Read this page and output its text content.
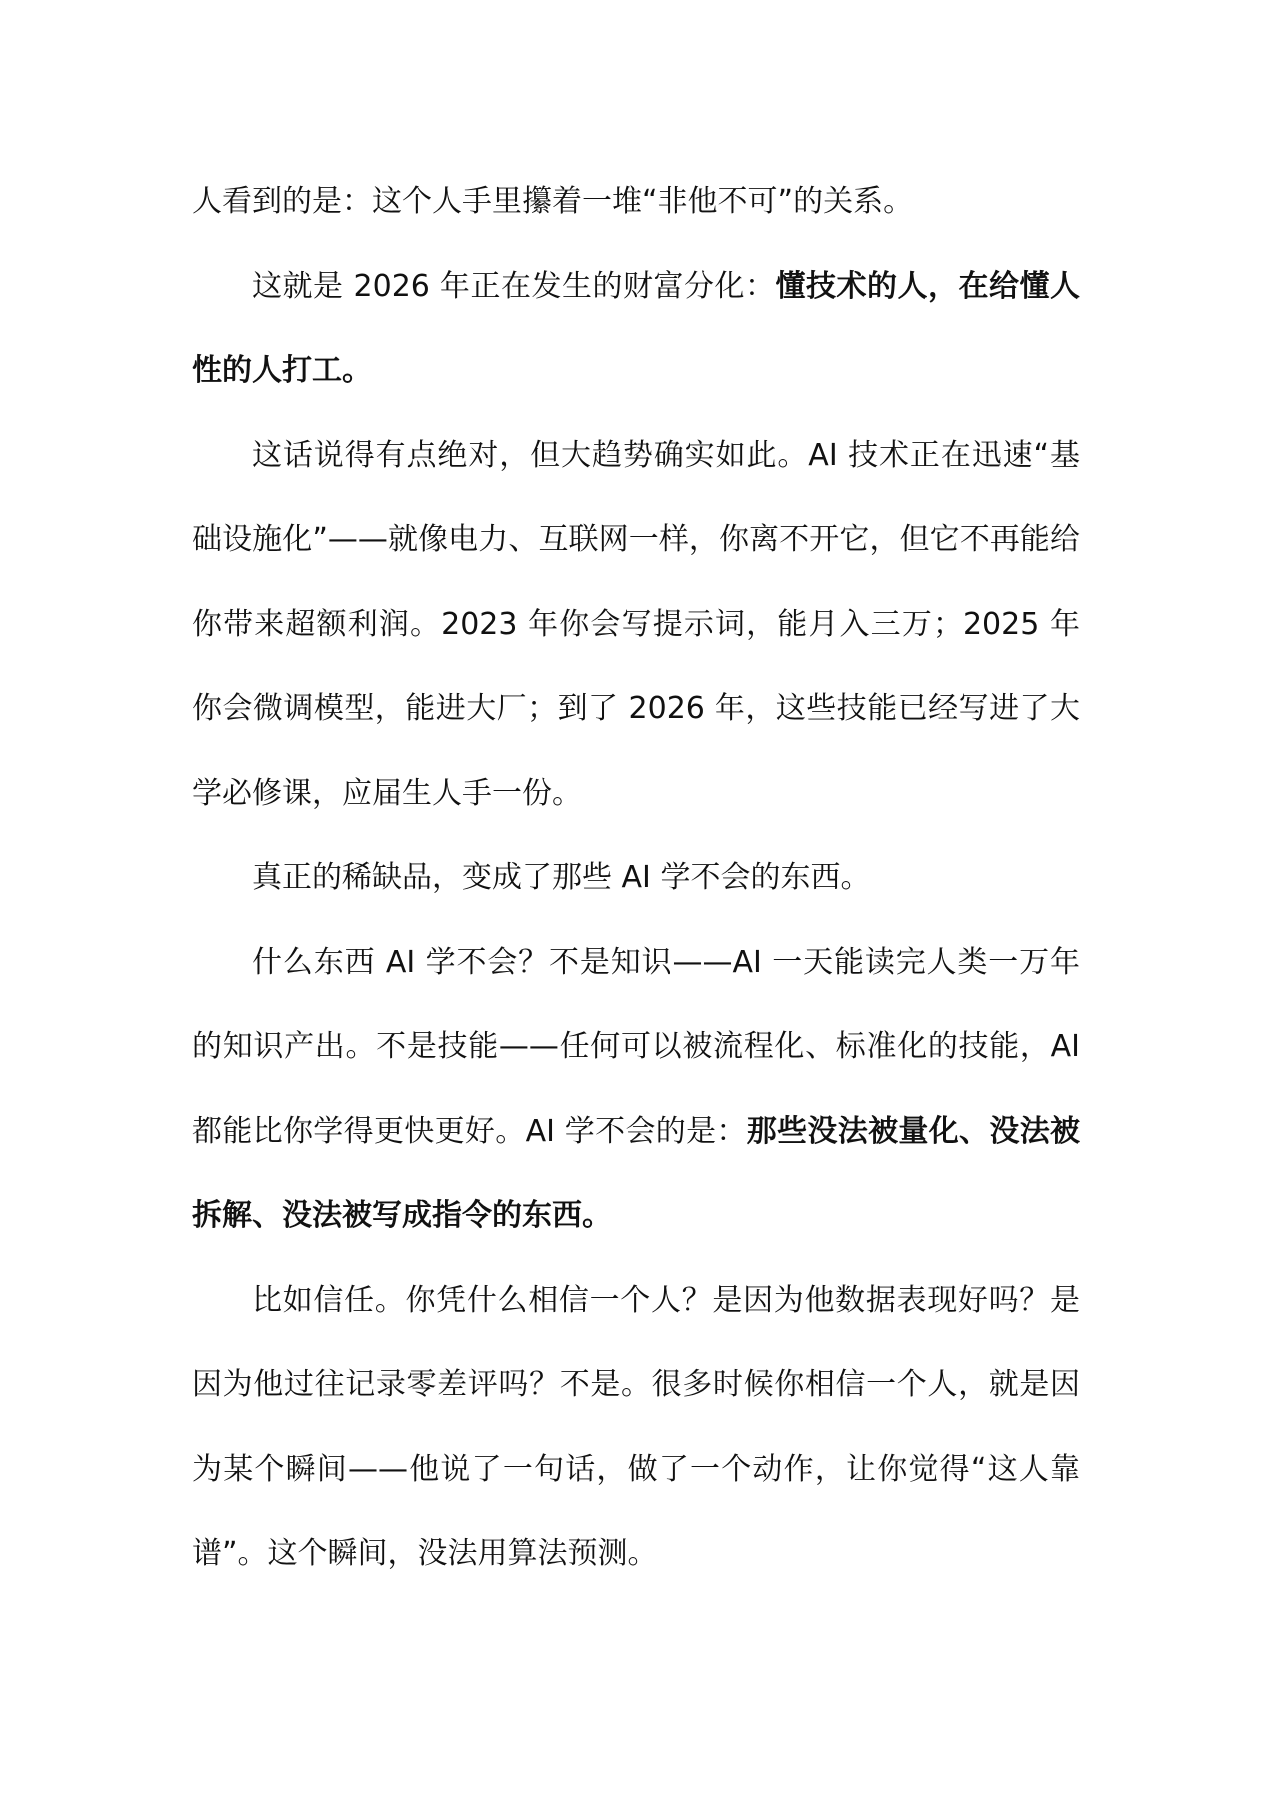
人看到的是：这个人手里攥着一堆“非他不可”的关系。

这就是 2026 年正在发生的财富分化：懂技术的人，在给懂人性的人打工。

这话说得有点绝对，但大趋势确实如此。AI 技术正在迅速“基础设施化”——就像电力、互联网一样，你离不开它，但它不再能给你带来超额利润。2023 年你会写提示词，能月入三万；2025 年你会微调模型，能进大厂；到了 2026 年，这些技能已经写进了大学必修课，应届生人手一份。

真正的稀缺品，变成了那些 AI 学不会的东西。

什么东西 AI 学不会？不是知识——AI 一天能读完人类一万年的知识产出。不是技能——任何可以被流程化、标准化的技能，AI 都能比你学得更快更好。AI 学不会的是：那些没法被量化、没法被拆解、没法被写成指令的东西。

比如信任。你凭什么相信一个人？是因为他数据表现好吗？是因为他过往记录零差评吗？不是。很多时候你相信一个人，就是因为某个瞬间——他说了一句话，做了一个动作，让你觉得“这人靠谱”。这个瞬间，没法用算法预测。
